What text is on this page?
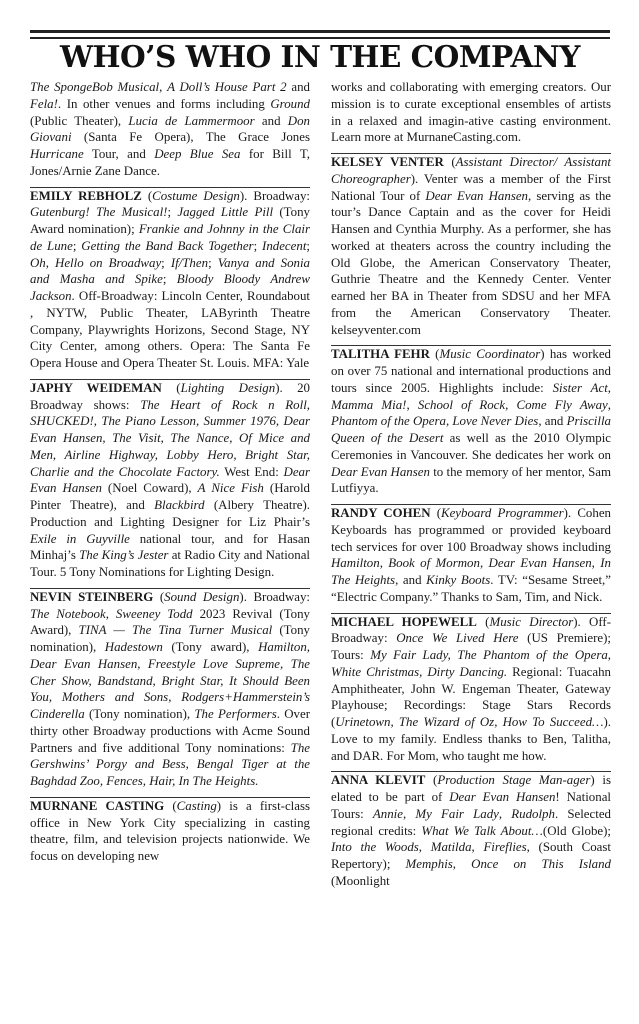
WHO’S WHO IN THE COMPANY

The SpongeBob Musical, A Doll’s House Part 2 and Fela!. In other venues and forms including Ground (Public Theater), Lucia de Lammermoor and Don Giovani (Santa Fe Opera), The Grace Jones Hurricane Tour, and Deep Blue Sea for Bill T, Jones/Arnie Zane Dance.

EMILY REBHOLZ (Costume Design). Broadway: Gutenburg! The Musical!; Jagged Little Pill (Tony Award nomination); Frankie and Johnny in the Clair de Lune; Getting the Band Back Together; Indecent; Oh, Hello on Broadway; If/Then; Vanya and Sonia and Masha and Spike; Bloody Bloody Andrew Jackson. Off-Broadway: Lincoln Center, Roundabout , NYTW, Public Theater, LAByrinth Theatre Company, Playwrights Horizons, Second Stage, NY City Center, among others. Opera: The Santa Fe Opera House and Opera Theater St. Louis. MFA: Yale

JAPHY WEIDEMAN (Lighting Design). 20 Broadway shows: The Heart of Rock n Roll, SHUCKED!, The Piano Lesson, Summer 1976, Dear Evan Hansen, The Visit, The Nance, Of Mice and Men, Airline Highway, Lobby Hero, Bright Star, Charlie and the Chocolate Factory. West End: Dear Evan Hansen (Noel Coward), A Nice Fish (Harold Pinter Theatre), and Blackbird (Albery Theatre). Production and Lighting Designer for Liz Phair’s Exile in Guyville national tour, and for Hasan Minhaj’s The King’s Jester at Radio City and National Tour. 5 Tony Nominations for Lighting Design.

NEVIN STEINBERG (Sound Design). Broadway: The Notebook, Sweeney Todd 2023 Revival (Tony Award), TINA — The Tina Turner Musical (Tony nomination), Hadestown (Tony award), Hamilton, Dear Evan Hansen, Freestyle Love Supreme, The Cher Show, Bandstand, Bright Star, It Should Been You, Mothers and Sons, Rodgers+Hammerstein’s Cinderella (Tony nomination), The Performers. Over thirty other Broadway productions with Acme Sound Partners and five additional Tony nominations: The Gershwins’ Porgy and Bess, Bengal Tiger at the Baghdad Zoo, Fences, Hair, In The Heights.

MURNANE CASTING (Casting) is a first-class office in New York City specializing in casting theatre, film, and television projects nationwide. We focus on developing new

works and collaborating with emerging creators. Our mission is to curate exceptional ensembles of artists in a relaxed and imagin-ative casting environment. Learn more at MurnaneCasting.com.

KELSEY VENTER (Assistant Director/ Assistant Choreographer). Venter was a member of the First National Tour of Dear Evan Hansen, serving as the tour’s Dance Captain and as the cover for Heidi Hansen and Cynthia Murphy. As a performer, she has worked at theaters across the country including the Old Globe, the American Conservatory Theater, Guthrie Theatre and the Kennedy Center. Venter earned her BA in Theater from SDSU and her MFA from the American Conservatory Theater. kelseyventer.com

TALITHA FEHR (Music Coordinator) has worked on over 75 national and international productions and tours since 2005. Highlights include: Sister Act, Mamma Mia!, School of Rock, Come Fly Away, Phantom of the Opera, Love Never Dies, and Priscilla Queen of the Desert as well as the 2010 Olympic Ceremonies in Vancouver. She dedicates her work on Dear Evan Hansen to the memory of her mentor, Sam Lutfiyya.

RANDY COHEN (Keyboard Programmer). Cohen Keyboards has programmed or provided keyboard tech services for over 100 Broadway shows including Hamilton, Book of Mormon, Dear Evan Hansen, In The Heights, and Kinky Boots. TV: “Sesame Street,” “Electric Company.” Thanks to Sam, Tim, and Nick.

MICHAEL HOPEWELL (Music Director). Off-Broadway: Once We Lived Here (US Premiere); Tours: My Fair Lady, The Phantom of the Opera, White Christmas, Dirty Dancing. Regional: Tuacahn Amphitheater, John W. Engeman Theater, Gateway Playhouse; Recordings: Stage Stars Records (Urinetown, The Wizard of Oz, How To Succeed…). Love to my family. Endless thanks to Ben, Talitha, and DAR. For Mom, who taught me how.

ANNA KLEVIT (Production Stage Man-ager) is elated to be part of Dear Evan Hansen! National Tours: Annie, My Fair Lady, Rudolph. Selected regional credits: What We Talk About…(Old Globe); Into the Woods, Matilda, Fireflies, (South Coast Repertory); Memphis, Once on This Island (Moonlight
